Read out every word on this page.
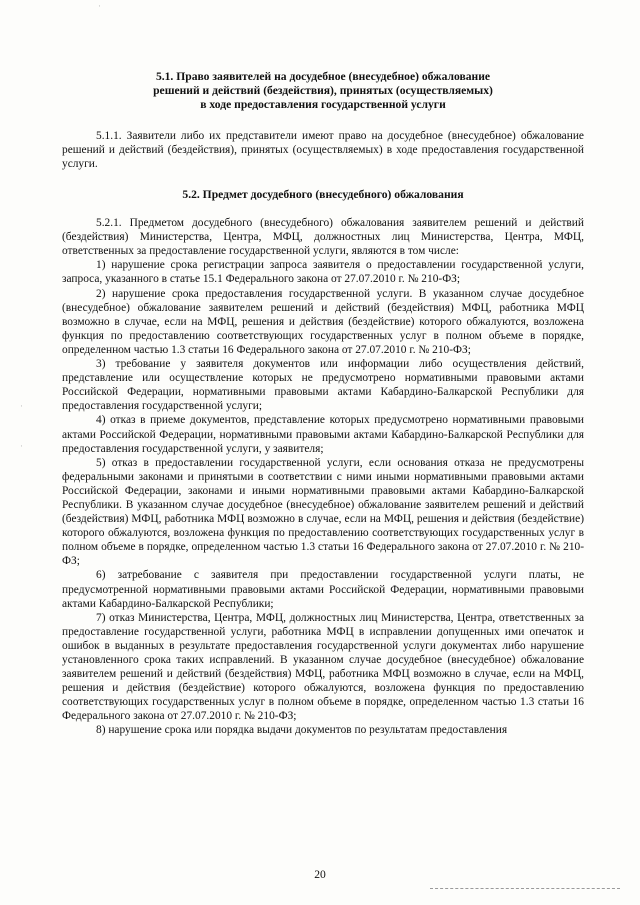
·
·
·

5.1. Право заявителей на досудебное (внесудебное) обжалование

решений и действий (бездействия), принятых (осуществляемых)

в ходе предоставления государственной услуги

5.1.1. Заявители либо их представители имеют право на досудебное (внесудебное) обжалование решений и действий (бездействия), принятых (осуществляемых) в ходе предоставления государственной услуги.

5.2. Предмет досудебного (внесудебного) обжалования

5.2.1. Предметом досудебного (внесудебного) обжалования заявителем решений и действий (бездействия) Министерства, Центра, МФЦ, должностных лиц Министерства, Центра, МФЦ, ответственных за предоставление государственной услуги, являются в том числе:

1) нарушение срока регистрации запроса заявителя о предоставлении государственной услуги, запроса, указанного в статье 15.1 Федерального закона от 27.07.2010 г. № 210-ФЗ;

2) нарушение срока предоставления государственной услуги. В указанном случае досудебное (внесудебное) обжалование заявителем решений и действий (бездействия) МФЦ, работника МФЦ возможно в случае, если на МФЦ, решения и действия (бездействие) которого обжалуются, возложена функция по предоставлению соответствующих государственных услуг в полном объеме в порядке, определенном частью 1.3 статьи 16 Федерального закона от 27.07.2010 г. № 210-ФЗ;

3) требование у заявителя документов или информации либо осуществления действий, представление или осуществление которых не предусмотрено нормативными правовыми актами Российской Федерации, нормативными правовыми актами Кабардино-Балкарской Республики для предоставления государственной услуги;

4) отказ в приеме документов, представление которых предусмотрено нормативными правовыми актами Российской Федерации, нормативными правовыми актами Кабардино-Балкарской Республики для предоставления государственной услуги, у заявителя;

5) отказ в предоставлении государственной услуги, если основания отказа не предусмотрены федеральными законами и принятыми в соответствии с ними иными нормативными правовыми актами Российской Федерации, законами и иными нормативными правовыми актами Кабардино-Балкарской Республики. В указанном случае досудебное (внесудебное) обжалование заявителем решений и действий (бездействия) МФЦ, работника МФЦ возможно в случае, если на МФЦ, решения и действия (бездействие) которого обжалуются, возложена функция по предоставлению соответствующих государственных услуг в полном объеме в порядке, определенном частью 1.3 статьи 16 Федерального закона от 27.07.2010 г. № 210-ФЗ;

6) затребование с заявителя при предоставлении государственной услуги платы, не предусмотренной нормативными правовыми актами Российской Федерации, нормативными правовыми актами Кабардино-Балкарской Республики;

7) отказ Министерства, Центра, МФЦ, должностных лиц Министерства, Центра, ответственных за предоставление государственной услуги, работника МФЦ в исправлении допущенных ими опечаток и ошибок в выданных в результате предоставления государственной услуги документах либо нарушение установленного срока таких исправлений. В указанном случае досудебное (внесудебное) обжалование заявителем решений и действий (бездействия) МФЦ, работника МФЦ возможно в случае, если на МФЦ, решения и действия (бездействие) которого обжалуются, возложена функция по предоставлению соответствующих государственных услуг в полном объеме в порядке, определенном частью 1.3 статьи 16 Федерального закона от 27.07.2010 г. № 210-ФЗ;

8) нарушение срока или порядка выдачи документов по результатам предоставления

20
